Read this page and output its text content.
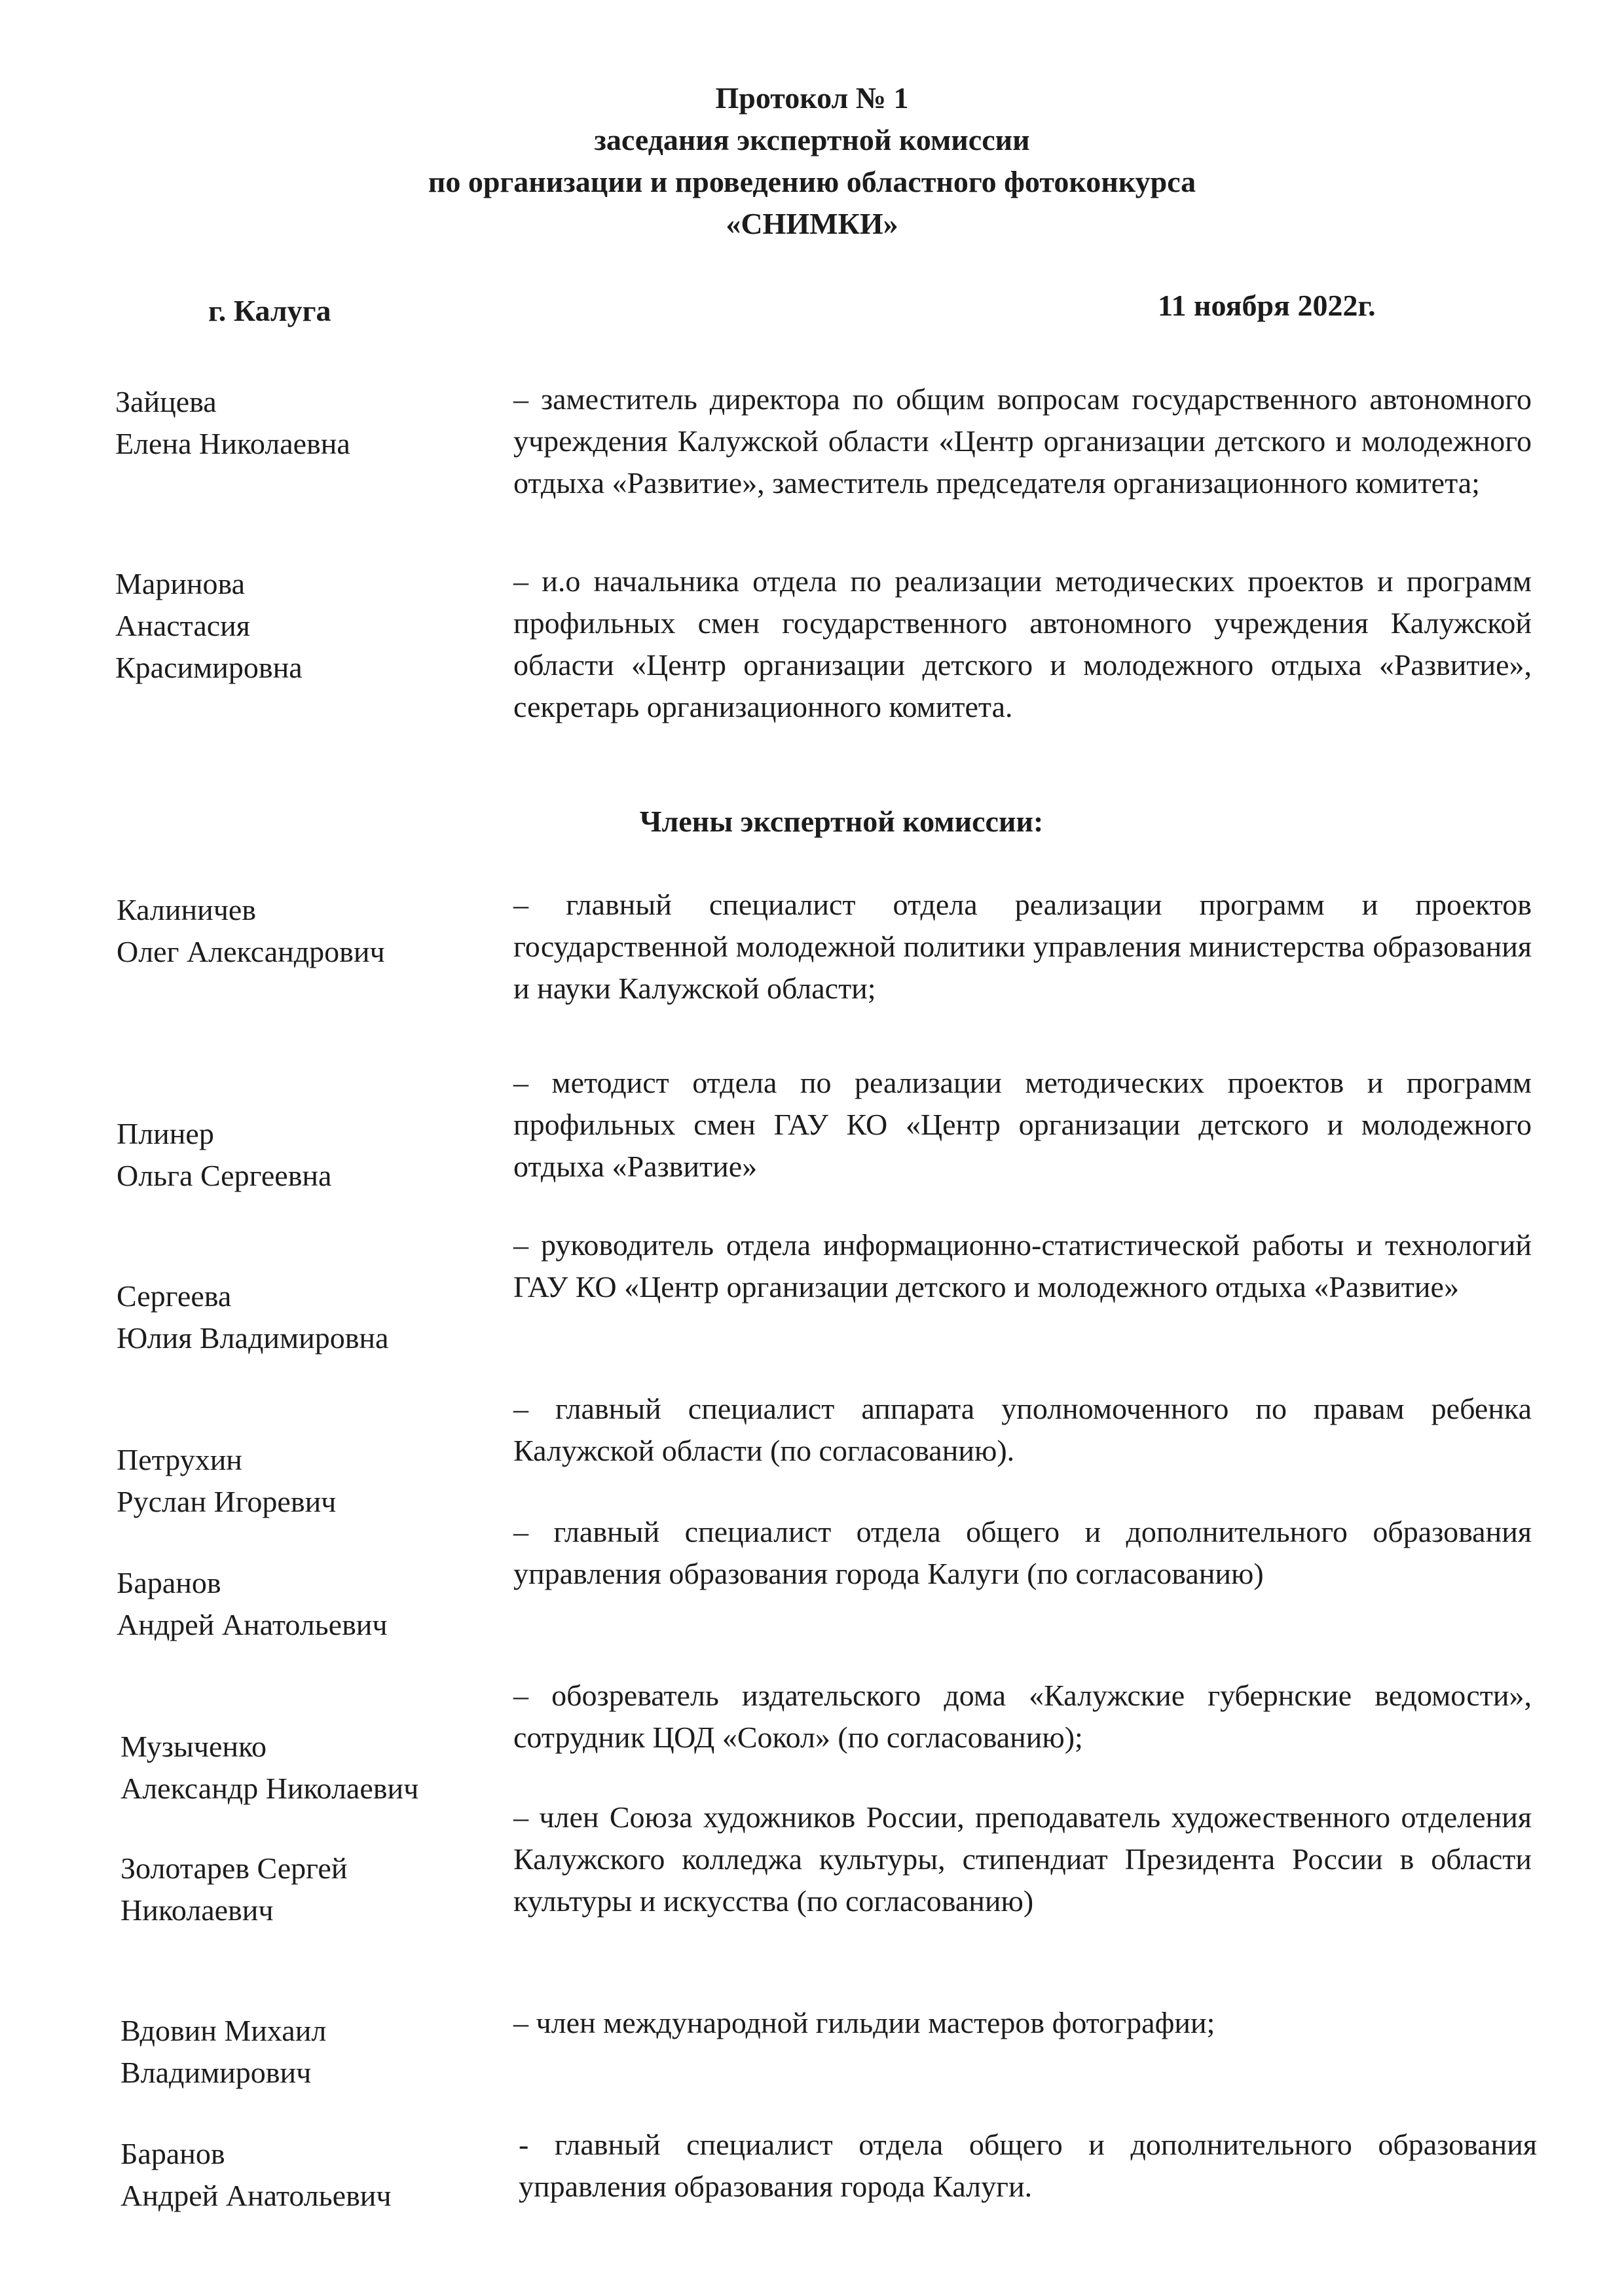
Протокол № 1
заседания экспертной комиссии
по организации и проведению областного фотоконкурса
«СНИМКИ»
г. Калуга	11 ноября 2022г.
Зайцева
Елена Николаевна
– заместитель директора по общим вопросам государственного автономного учреждения Калужской области «Центр организации детского и молодежного отдыха «Развитие», заместитель председателя организационного комитета;
Маринова
Анастасия
Красимировна
– и.о начальника отдела по реализации методических проектов и программ профильных смен государственного автономного учреждения Калужской области «Центр организации детского и молодежного отдыха «Развитие», секретарь организационного комитета.
Члены экспертной комиссии:
Калиничев
Олег Александрович
– главный специалист отдела реализации программ и проектов государственной молодежной политики управления министерства образования и науки Калужской области;
Плинер
Ольга Сергеевна
– методист отдела по реализации методических проектов и программ профильных смен ГАУ КО «Центр организации детского и молодежного отдыха «Развитие»
Сергеева
Юлия Владимировна
– руководитель отдела информационно-статистической работы и технологий ГАУ КО «Центр организации детского и молодежного отдыха «Развитие»
Петрухин
Руслан Игоревич
– главный специалист аппарата уполномоченного по правам ребенка Калужской области (по согласованию).
Баранов
Андрей Анатольевич
– главный специалист отдела общего и дополнительного образования управления образования города Калуги (по согласованию)
Музыченко
Александр Николаевич
– обозреватель издательского дома «Калужские губернские ведомости», сотрудник ЦОД «Сокол» (по согласованию);
Золотарев Сергей
Николаевич
– член Союза художников России, преподаватель художественного отделения Калужского колледжа культуры, стипендиат Президента России в области культуры и искусства (по согласованию)
Вдовин Михаил
Владимирович
– член международной гильдии мастеров фотографии;
Баранов
Андрей Анатольевич
- главный специалист отдела общего и дополнительного образования управления образования города Калуги.
